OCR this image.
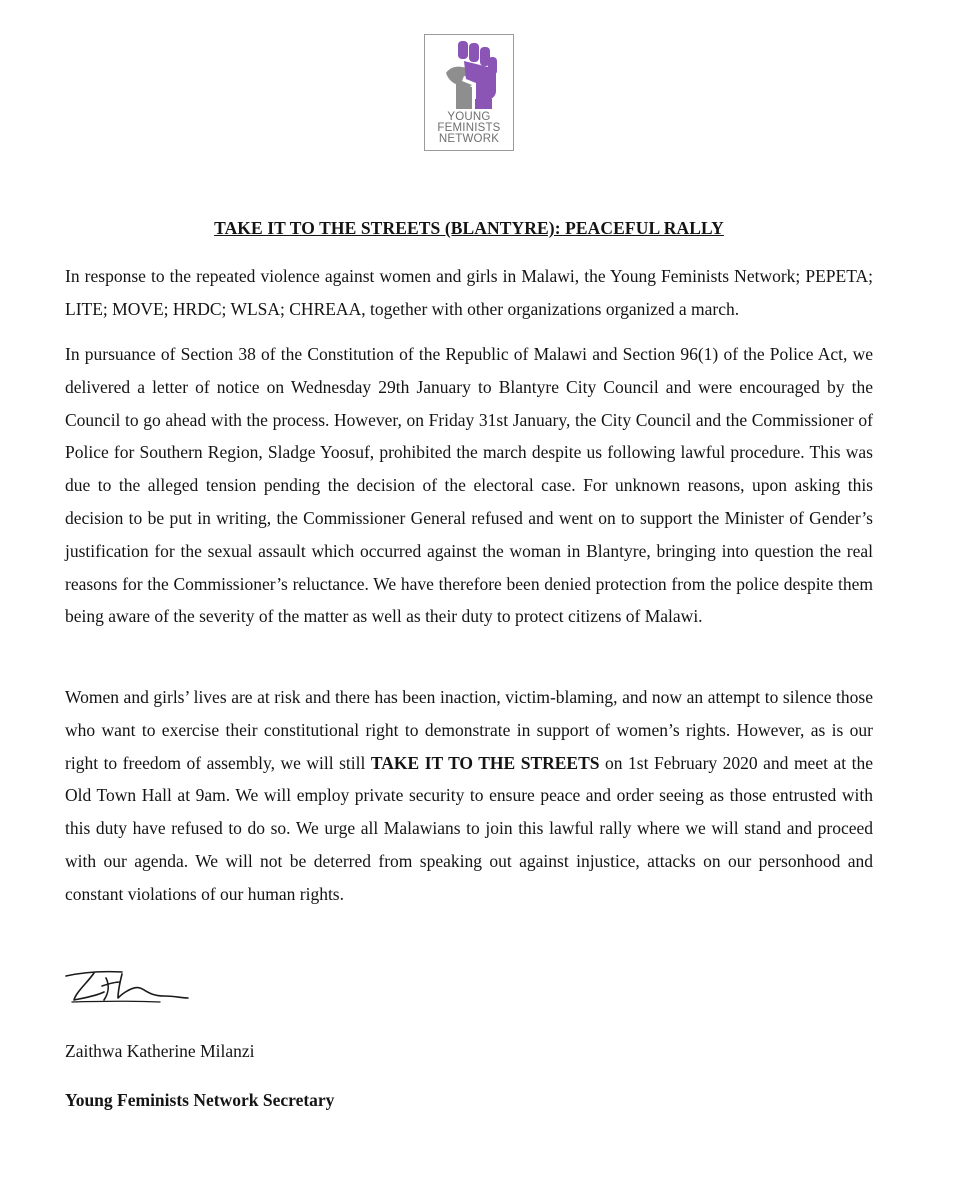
YOUNG
FEMINISTS
NETWORK
TAKE IT TO THE STREETS (BLANTYRE): PEACEFUL RALLY

In response to the repeated violence against women and girls in Malawi, the Young Feminists Network; PEPETA; LITE; MOVE; HRDC; WLSA; CHREAA, together with other organizations organized a march.

In pursuance of Section 38 of the Constitution of the Republic of Malawi and Section 96(1) of the Police Act, we delivered a letter of notice on Wednesday 29th January to Blantyre City Council and were encouraged by the Council to go ahead with the process. However, on Friday 31st January, the City Council and the Commissioner of Police for Southern Region, Sladge Yoosuf, prohibited the march despite us following lawful procedure. This was due to the alleged tension pending the decision of the electoral case. For unknown reasons, upon asking this decision to be put in writing, the Commissioner General refused and went on to support the Minister of Gender’s justification for the sexual assault which occurred against the woman in Blantyre, bringing into question the real reasons for the Commissioner’s reluctance. We have therefore been denied protection from the police despite them being aware of the severity of the matter as well as their duty to protect citizens of Malawi.

Women and girls’ lives are at risk and there has been inaction, victim-blaming, and now an attempt to silence those who want to exercise their constitutional right to demonstrate in support of women’s rights. However, as is our right to freedom of assembly, we will still TAKE IT TO THE STREETS on 1st February 2020 and meet at the Old Town Hall at 9am. We will employ private security to ensure peace and order seeing as those entrusted with this duty have refused to do so. We urge all Malawians to join this lawful rally where we will stand and proceed with our agenda. We will not be deterred from speaking out against injustice, attacks on our personhood and constant violations of our human rights.

Zaithwa Katherine Milanzi
Young Feminists Network Secretary
